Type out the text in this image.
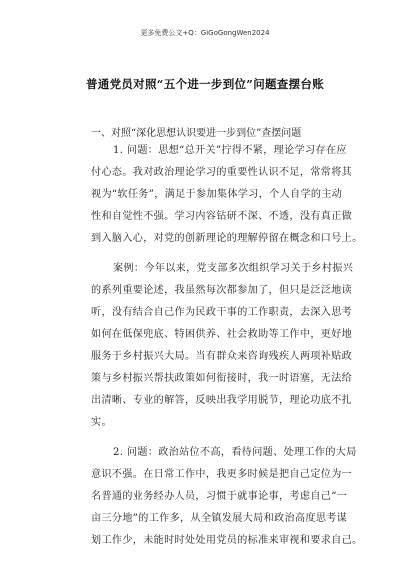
更多免费公文+Q：GiGoGongWen2024
普通党员对照“五个进一步到位”问题查摆台账
一、对照“深化思想认识要进一步到位”查摆问题
1. 问题：思想“总开关”拧得不紧，理论学习存在应
付心态。我对政治理论学习的重要性认识不足，常常将其
视为“软任务”，满足于参加集体学习，个人自学的主动
性和自觉性不强。学习内容钻研不深、不透，没有真正做
到入脑入心，对党的创新理论的理解停留在概念和口号上。
案例：今年以来，党支部多次组织学习关于乡村振兴
的系列重要论述，我虽然每次都参加了，但只是泛泛地读
听，没有结合自己作为民政干事的工作职责，去深入思考
如何在低保兜底、特困供养、社会救助等工作中，更好地
服务于乡村振兴大局。当有群众来咨询残疾人两项补贴政
策与乡村振兴帮扶政策如何衔接时，我一时语塞，无法给
出清晰、专业的解答，反映出我学用脱节，理论功底不扎
实。
2. 问题：政治站位不高，看待问题、处理工作的大局
意识不强。在日常工作中，我更多时候是把自己定位为一
名普通的业务经办人员，习惯于就事论事，考虑自己“一
亩三分地”的工作多，从全镇发展大局和政治高度思考谋
划工作少，未能时时处处用党员的标准来审视和要求自己。
